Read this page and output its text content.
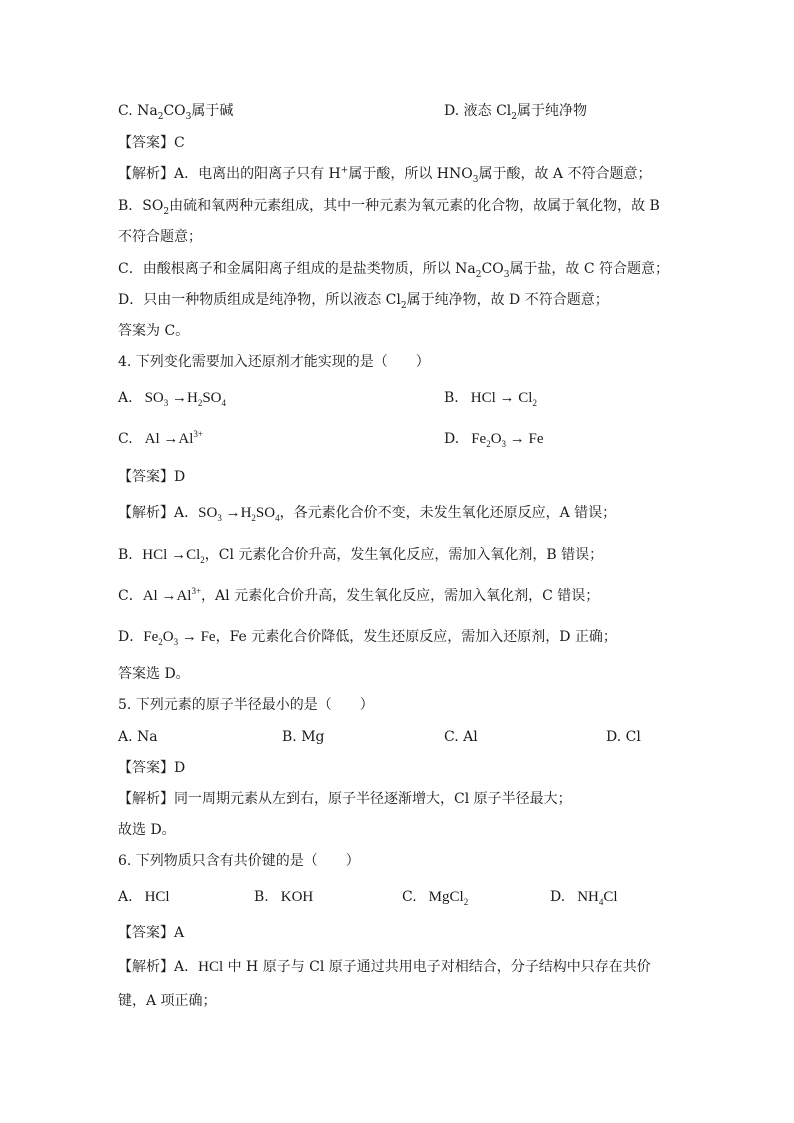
C. $Na_2CO_3$属于碱	D. 液态 $Cl_2$属于纯净物
【答案】C
【解析】A．电离出的阳离子只有 H+属于酸，所以 $HNO_3$属于酸，故 A 不符合题意；
B．$SO_2$由硫和氧两种元素组成，其中一种元素为氧元素的化合物，故属于氧化物，故 B
不符合题意；
C．由酸根离子和金属阳离子组成的是盐类物质，所以 $Na_2CO_3$属于盐，故 C 符合题意；
D．只由一种物质组成是纯净物，所以液态 $Cl_2$属于纯净物，故 D 不符合题意；
答案为 C。
4. 下列变化需要加入还原剂才能实现的是（　　）
A. $SO_3 \to H_2SO_4$	B. HCl → $Cl_2$
C. $Al \to Al^{3+}$	D. $Fe_2O_3 \to Fe$
【答案】D
【解析】A．$SO_3 \to H_2SO_4$，各元素化合价不变，未发生氧化还原反应，A 错误；
B．HCl $\to Cl_2$，Cl 元素化合价升高，发生氧化反应，需加入氧化剂，B 错误；
C．$Al \to Al^{3+}$，Al 元素化合价升高，发生氧化反应，需加入氧化剂，C 错误；
D．$Fe_2O_3 \to Fe$，Fe 元素化合价降低，发生还原反应，需加入还原剂，D 正确；
答案选 D。
5. 下列元素的原子半径最小的是（　　）
A. Na	B. Mg	C. Al	D. Cl
【答案】D
【解析】同一周期元素从左到右，原子半径逐渐增大，Cl 原子半径最大；
故选 D。
6. 下列物质只含有共价键的是（　　）
A. HCl	B. KOH	C. MgCl$_2$	D. $NH_4Cl$
【答案】A
【解析】A．HCl 中 H 原子与 Cl 原子通过共用电子对相结合，分子结构中只存在共价
键，A 项正确；
